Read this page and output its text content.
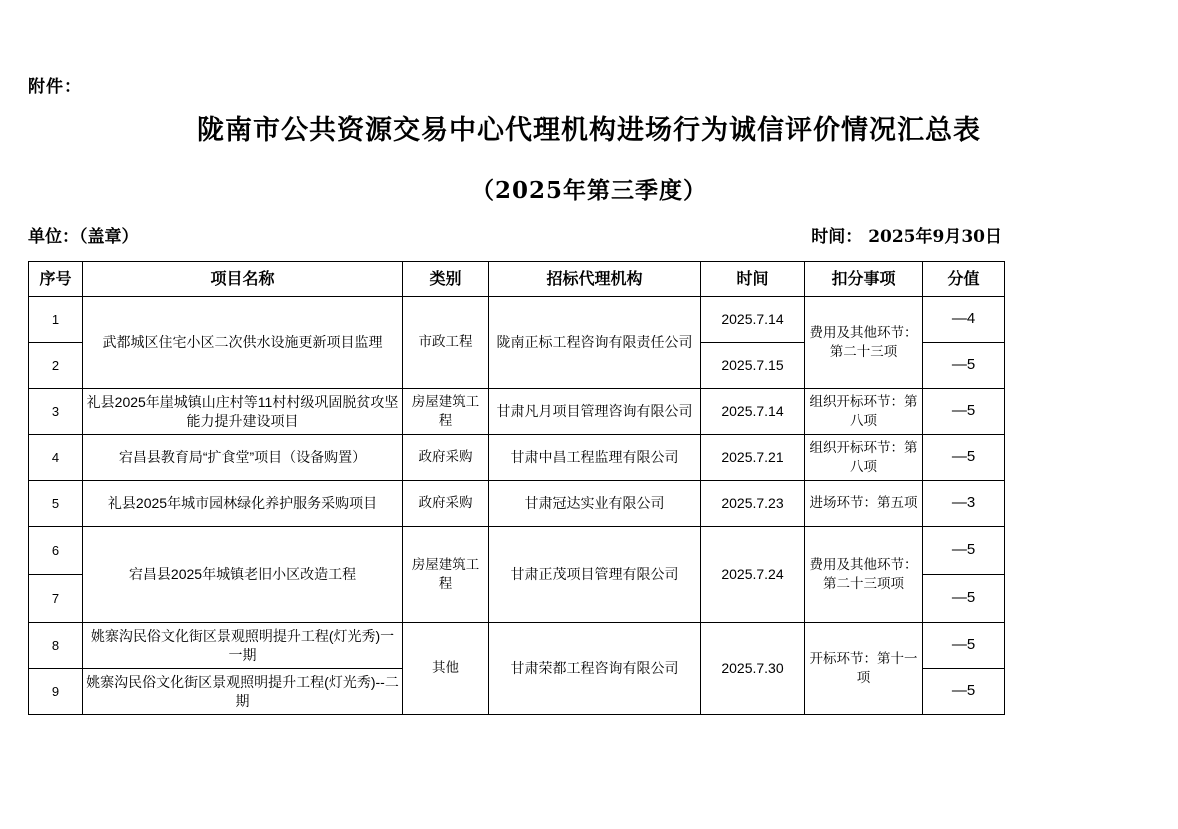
附件：
陇南市公共资源交易中心代理机构进场行为诚信评价情况汇总表
（2025年第三季度）
单位：（盖章）	时间： 2025年9月30日
序号	项目名称	类别	招标代理机构	时间	扣分事项	分值
1	武都城区住宅小区二次供水设施更新项目监理	市政工程	陇南正标工程咨询有限责任公司	2025.7.14	费用及其他环节：第二十三项	—4
2				2025.7.15		—5
3	礼县2025年崖城镇山庄村等11村村级巩固脱贫攻坚能力提升建设项目	房屋建筑工程	甘肃凡月项目管理咨询有限公司	2025.7.14	组织开标环节：第八项	—5
4	宕昌县教育局“扩食堂”项目（设备购置）	政府采购	甘肃中昌工程监理有限公司	2025.7.21	组织开标环节：第八项	—5
5	礼县2025年城市园林绿化养护服务采购项目	政府采购	甘肃冠达实业有限公司	2025.7.23	进场环节：第五项	—3
6	宕昌县2025年城镇老旧小区改造工程	房屋建筑工程	甘肃正茂项目管理有限公司	2025.7.24	费用及其他环节：第二十三项项	—5
7						—5
8	姚寨沟民俗文化街区景观照明提升工程(灯光秀)一 一期	其他	甘肃荣都工程咨询有限公司	2025.7.30	开标环节：第十一项	—5
9	姚寨沟民俗文化街区景观照明提升工程(灯光秀)--二期					—5
